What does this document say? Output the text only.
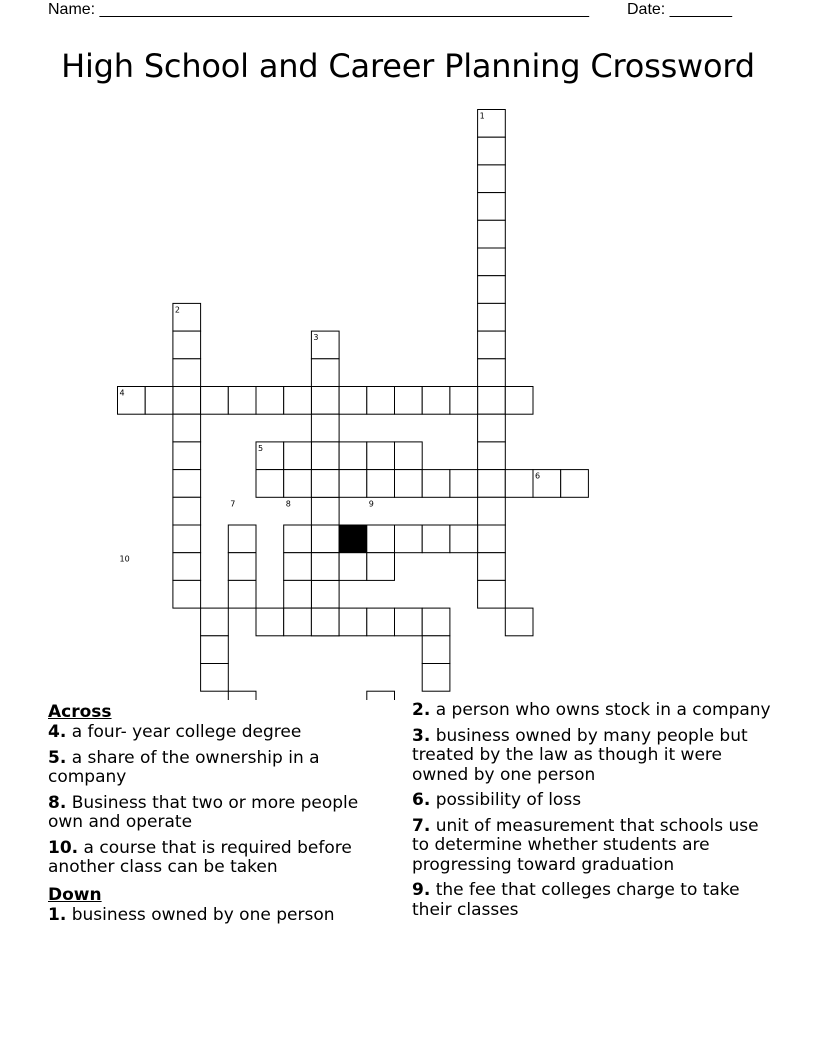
Name: _______________________________________________________ Date: _______
High School and Career Planning Crossword
1
2
3
4
5
6
7	8	9
10
Across
4. a four- year college degree
5. a share of the ownership in a company
8. Business that two or more people own and operate
10. a course that is required before another class can be taken
Down
1. business owned by one person
2. a person who owns stock in a company
3. business owned by many people but treated by the law as though it were owned by one person
6. possibility of loss
7. unit of measurement that schools use to determine whether students are progressing toward graduation
9. the fee that colleges charge to take their classes
